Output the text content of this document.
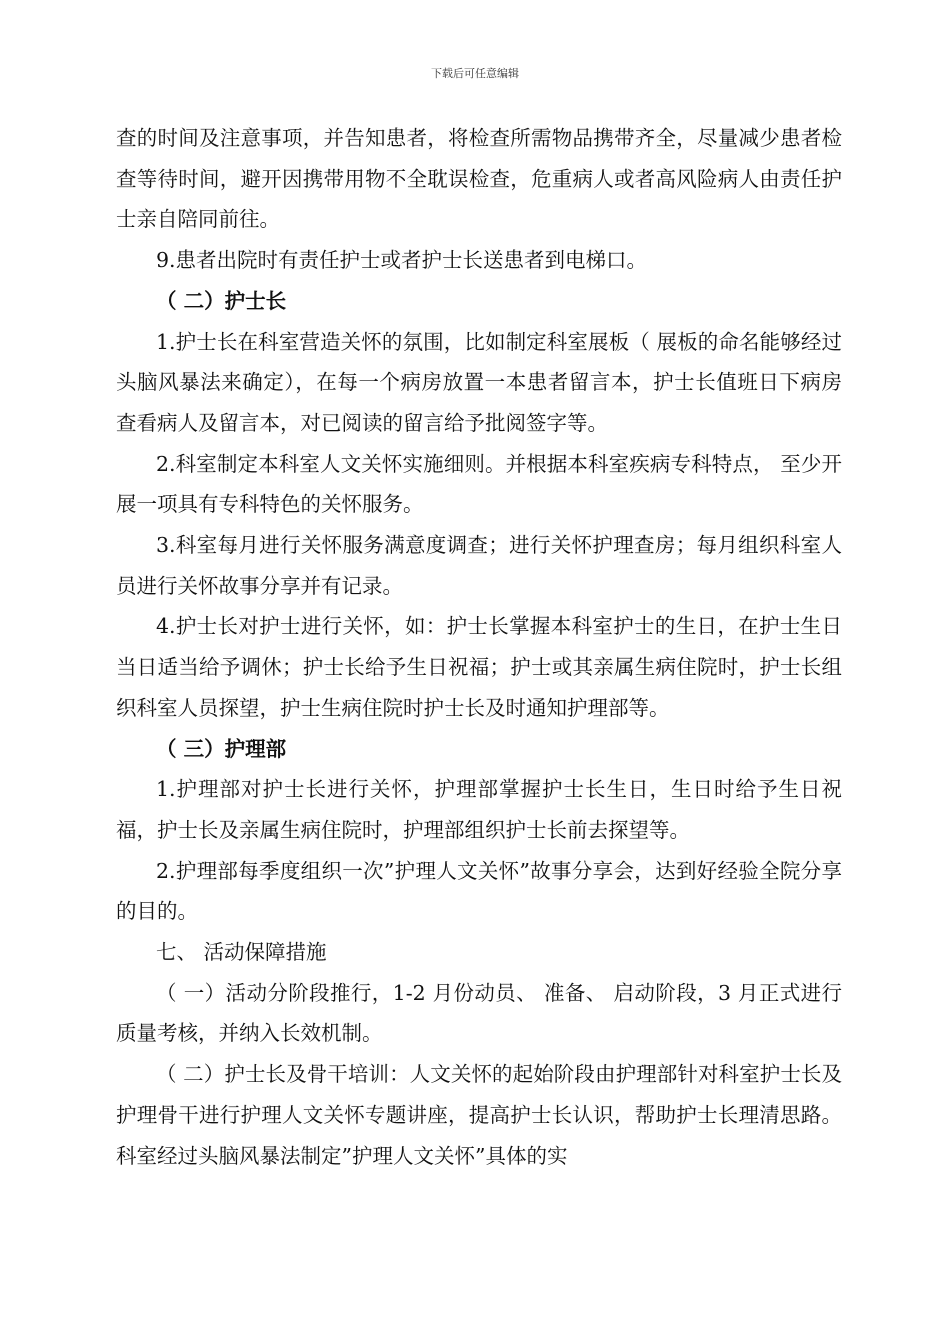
下载后可任意编辑

查的时间及注意事项，并告知患者，将检查所需物品携带齐全，尽量减少患者检查等待时间，避开因携带用物不全耽误检查，危重病人或者高风险病人由责任护士亲自陪同前往。

9.患者出院时有责任护士或者护士长送患者到电梯口。

（ 二）护士长

1.护士长在科室营造关怀的氛围，比如制定科室展板（ 展板的命名能够经过头脑风暴法来确定），在每一个病房放置一本患者留言本，护士长值班日下病房查看病人及留言本，对已阅读的留言给予批阅签字等。

2.科室制定本科室人文关怀实施细则。并根据本科室疾病专科特点， 至少开展一项具有专科特色的关怀服务。

3.科室每月进行关怀服务满意度调查；进行关怀护理查房；每月组织科室人员进行关怀故事分享并有记录。

4.护士长对护士进行关怀，如：护士长掌握本科室护士的生日，在护士生日当日适当给予调休；护士长给予生日祝福；护士或其亲属生病住院时，护士长组织科室人员探望，护士生病住院时护士长及时通知护理部等。

（ 三）护理部

1.护理部对护士长进行关怀，护理部掌握护士长生日，生日时给予生日祝福，护士长及亲属生病住院时，护理部组织护士长前去探望等。

2.护理部每季度组织一次”护理人文关怀”故事分享会，达到好经验全院分享的目的。

七、 活动保障措施

（ 一）活动分阶段推行，1-2 月份动员、 准备、 启动阶段，3 月正式进行质量考核，并纳入长效机制。

（ 二）护士长及骨干培训：人文关怀的起始阶段由护理部针对科室护士长及护理骨干进行护理人文关怀专题讲座，提高护士长认识，帮助护士长理清思路。科室经过头脑风暴法制定”护理人文关怀”具体的实
